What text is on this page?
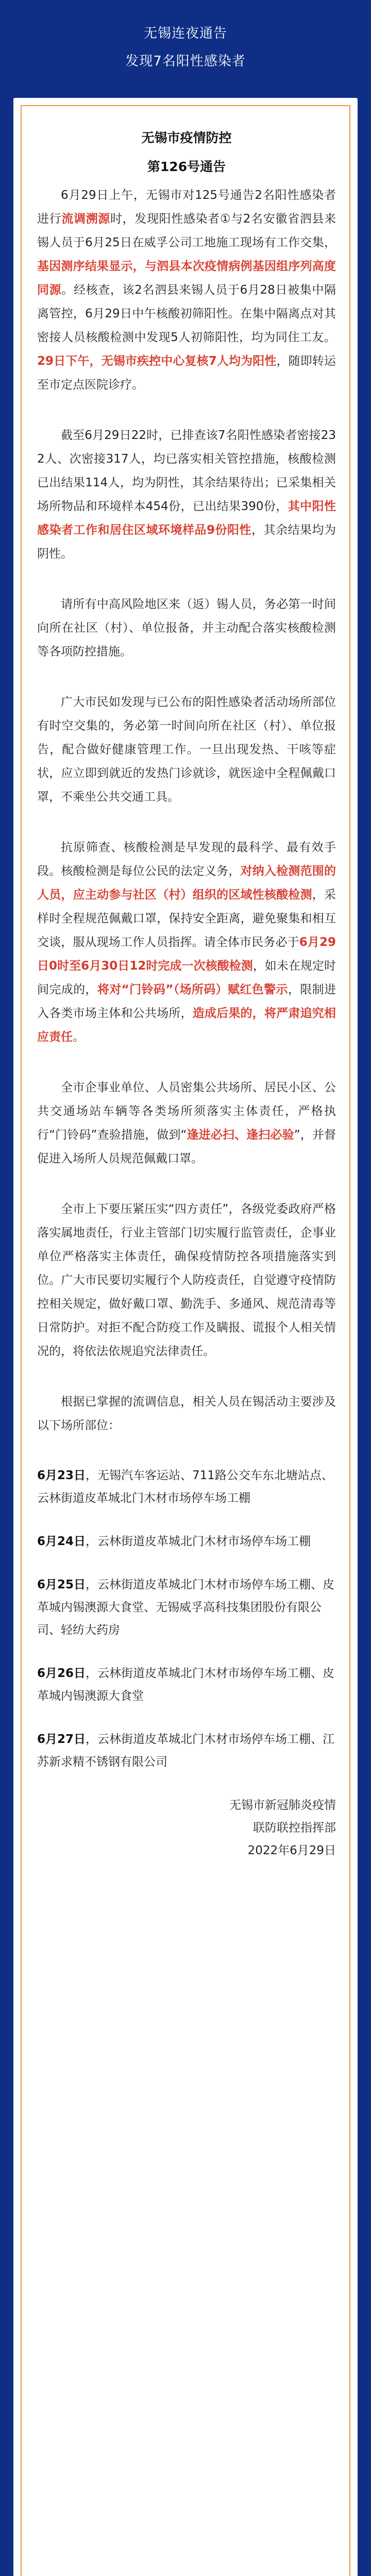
无锡连夜通告
发现7名阳性感染者
无锡市疫情防控
第126号通告

6月29日上午，无锡市对125号通告2名阳性感染者进行流调溯源时，发现阳性感染者①与2名安徽省泗县来锡人员于6月25日在威孚公司工地施工现场有工作交集，基因测序结果显示，与泗县本次疫情病例基因组序列高度同源。经核查，该2名泗县来锡人员于6月28日被集中隔离管控，6月29日中午核酸初筛阳性。在集中隔离点对其密接人员核酸检测中发现5人初筛阳性，均为同住工友。29日下午，无锡市疾控中心复核7人均为阳性，随即转运至市定点医院诊疗。

截至6月29日22时，已排查该7名阳性感染者密接232人、次密接317人，均已落实相关管控措施，核酸检测已出结果114人，均为阴性，其余结果待出；已采集相关场所物品和环境样本454份，已出结果390份，其中阳性感染者工作和居住区域环境样品9份阳性，其余结果均为阴性。

请所有中高风险地区来（返）锡人员，务必第一时间向所在社区（村）、单位报备，并主动配合落实核酸检测等各项防控措施。

广大市民如发现与已公布的阳性感染者活动场所部位有时空交集的，务必第一时间向所在社区（村）、单位报告，配合做好健康管理工作。一旦出现发热、干咳等症状，应立即到就近的发热门诊就诊，就医途中全程佩戴口罩，不乘坐公共交通工具。

抗原筛查、核酸检测是早发现的最科学、最有效手段。核酸检测是每位公民的法定义务，对纳入检测范围的人员，应主动参与社区（村）组织的区域性核酸检测，采样时全程规范佩戴口罩，保持安全距离，避免聚集和相互交谈，服从现场工作人员指挥。请全体市民务必于6月29日0时至6月30日12时完成一次核酸检测，如未在规定时间完成的，将对“门铃码”（场所码）赋红色警示，限制进入各类市场主体和公共场所，造成后果的，将严肃追究相应责任。

全市企事业单位、人员密集公共场所、居民小区、公共交通场站车辆等各类场所须落实主体责任，严格执行“门铃码”查验措施，做到“逢进必扫、逢扫必验”，并督促进入场所人员规范佩戴口罩。

全市上下要压紧压实“四方责任”，各级党委政府严格落实属地责任，行业主管部门切实履行监管责任，企事业单位严格落实主体责任，确保疫情防控各项措施落实到位。广大市民要切实履行个人防疫责任，自觉遵守疫情防控相关规定，做好戴口罩、勤洗手、多通风、规范清毒等日常防护。对拒不配合防疫工作及瞒报、谎报个人相关情况的，将依法依规追究法律责任。

根据已掌握的流调信息，相关人员在锡活动主要涉及以下场所部位：

6月23日，无锡汽车客运站、711路公交车东北塘站点、云林街道皮革城北门木材市场停车场工棚

6月24日，云林街道皮革城北门木材市场停车场工棚

6月25日，云林街道皮革城北门木材市场停车场工棚、皮革城内锡澳源大食堂、无锡威孚高科技集团股份有限公司、轻纺大药房

6月26日，云林街道皮革城北门木材市场停车场工棚、皮革城内锡澳源大食堂

6月27日，云林街道皮革城北门木材市场停车场工棚、江苏新求精不锈钢有限公司

无锡市新冠肺炎疫情
联防联控指挥部
2022年6月29日
